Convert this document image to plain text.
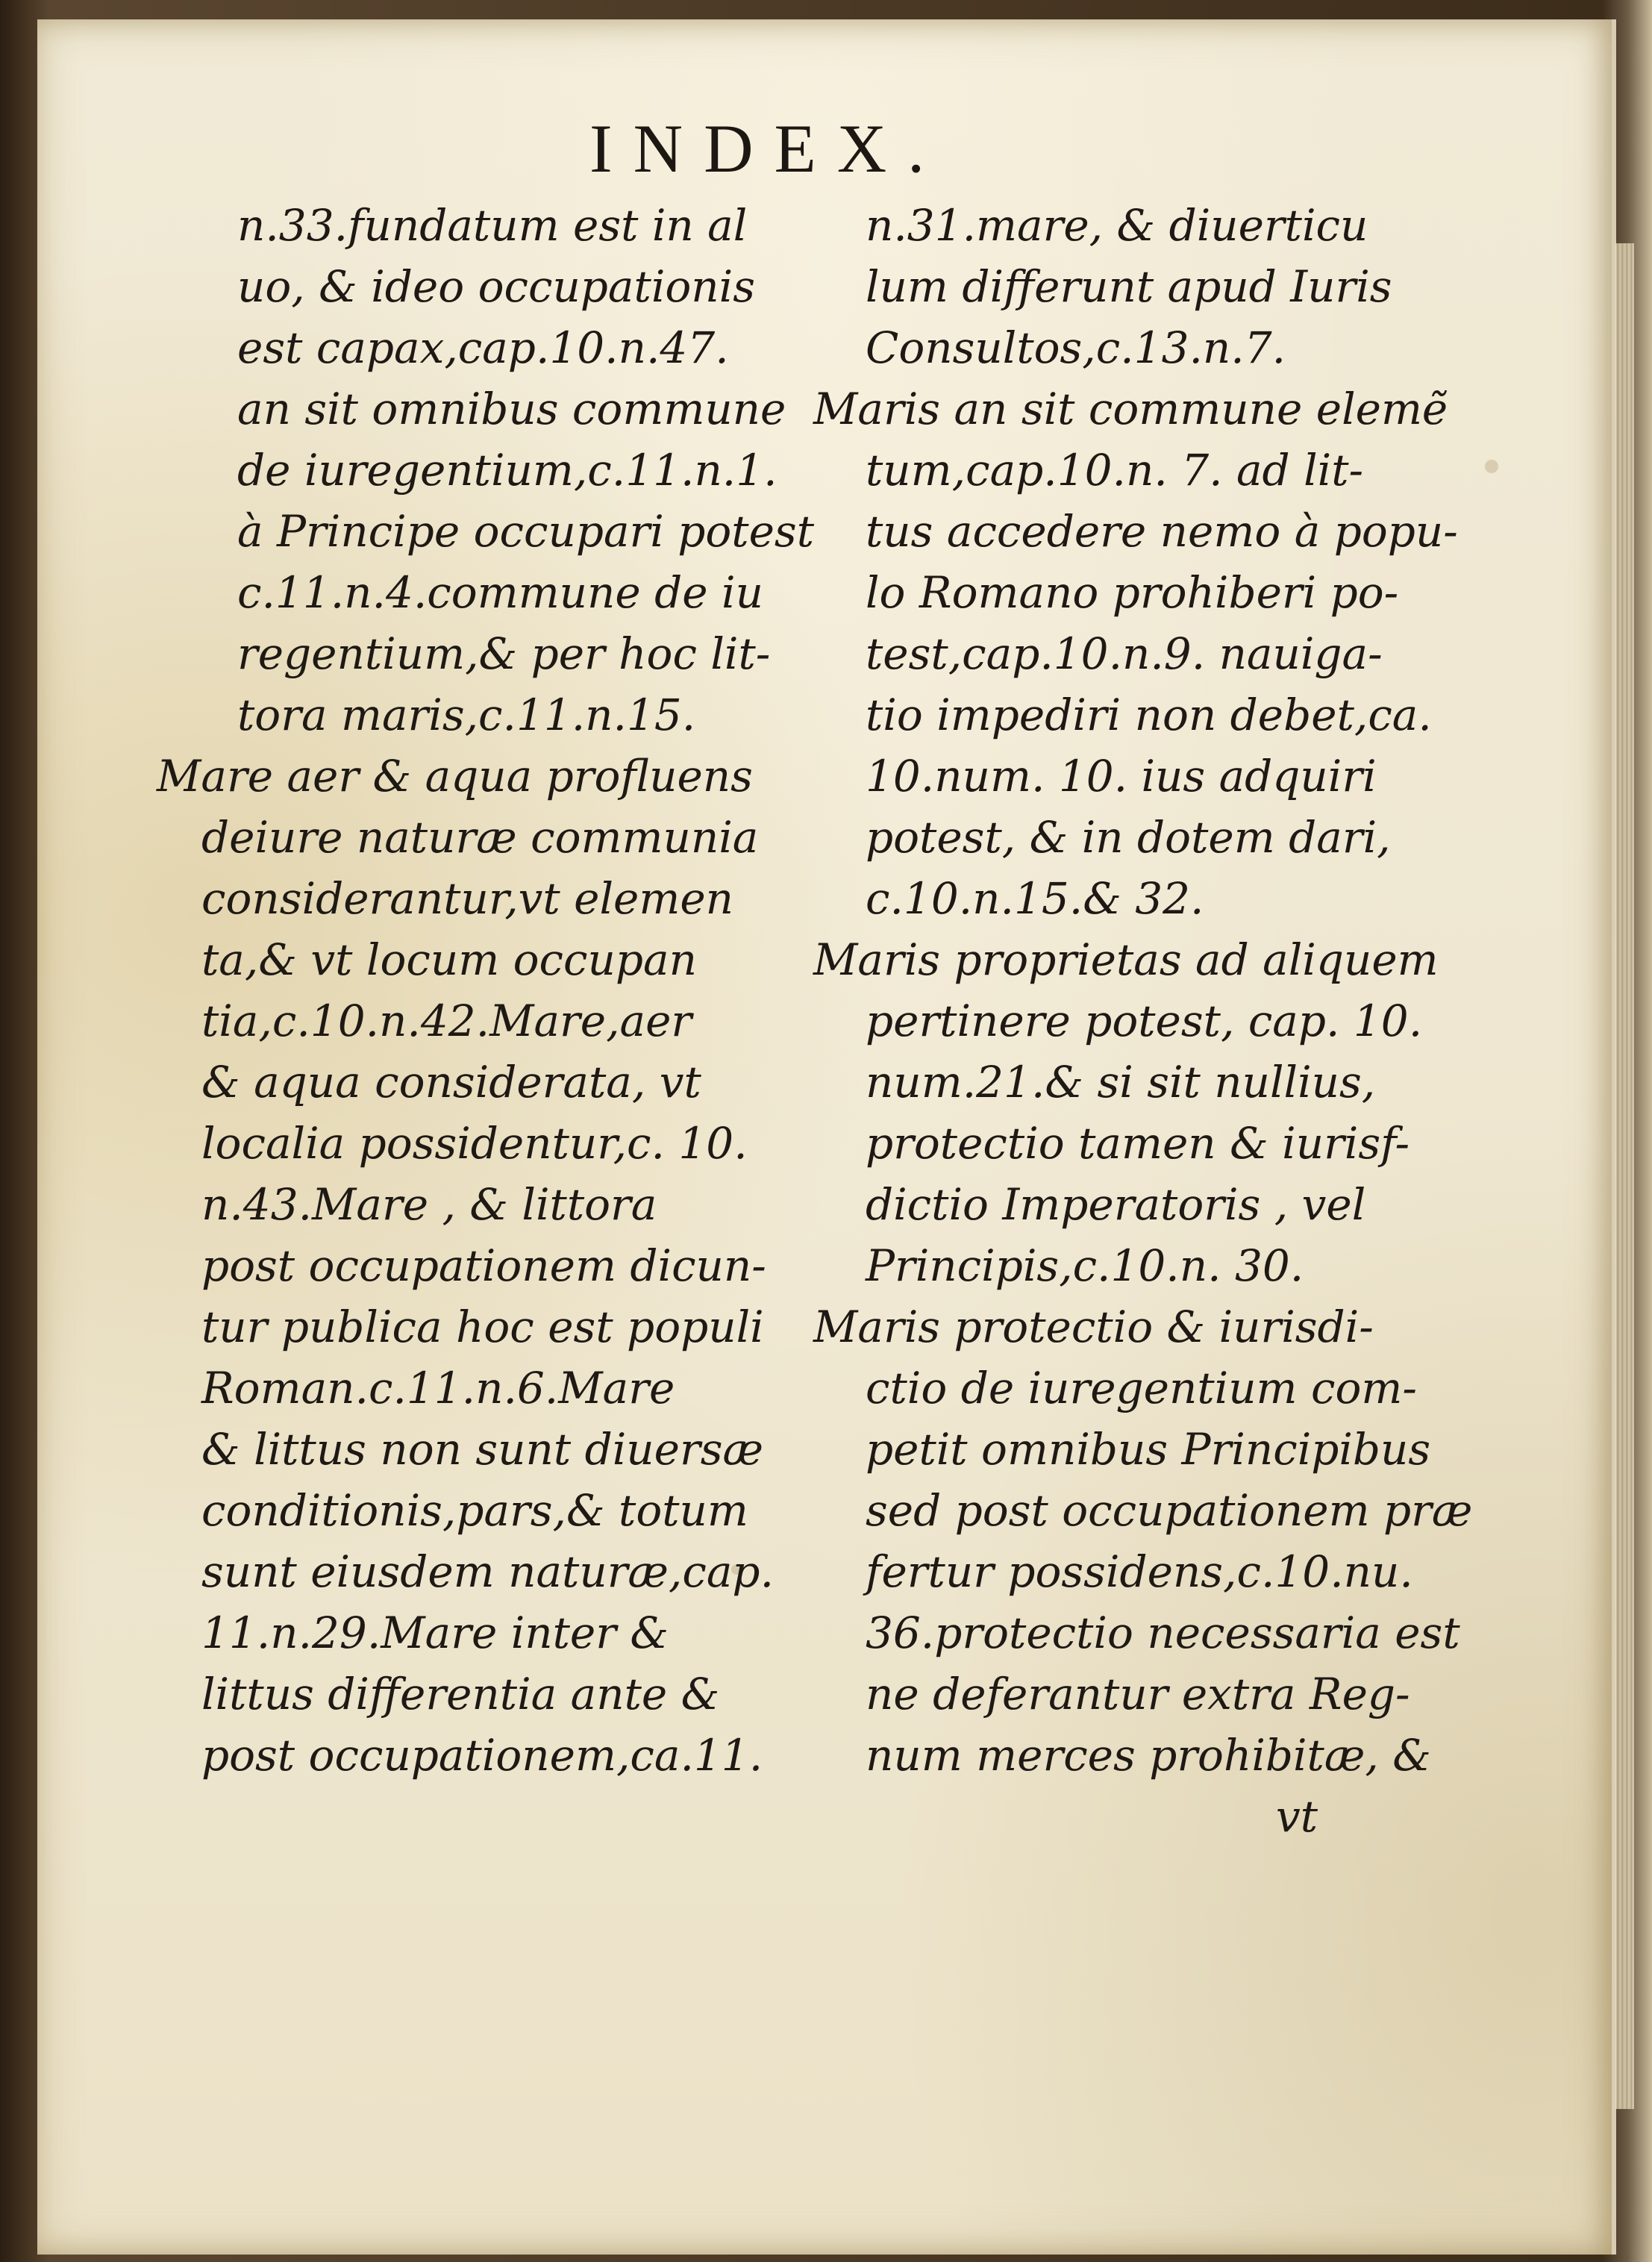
INDEX.
n.33.fundatum est in al
uo, & ideo occupationis
est capax,cap.10.n.47.
an sit omnibus commune
de iuregentium,c.11.n.1.
à Principe occupari potest
c.11.n.4.commune de iu
regentium,& per hoc lit-
tora maris,c.11.n.15.
Mare aer & aqua profluens
deiure naturæ communia
considerantur,vt elemen
ta,& vt locum occupan
tia,c.10.n.42.Mare,aer
& aqua considerata, vt
localia possidentur,c. 10.
n.43.Mare , & littora
post occupationem dicun-
tur publica hoc est populi
Roman.c.11.n.6.Mare
& littus non sunt diuersæ
conditionis,pars,& totum
sunt eiusdem naturæ,cap.
11.n.29.Mare inter &
littus differentia ante &
post occupationem,ca.11.
n.31.mare, & diuerticu
lum differunt apud Iuris
Consultos,c.13.n.7.
Maris an sit commune elemẽ
tum,cap.10.n. 7. ad lit-
tus accedere nemo à popu-
lo Romano prohiberi po-
test,cap.10.n.9. nauiga-
tio impediri non debet,ca.
10.num. 10. ius adquiri
potest, & in dotem dari,
c.10.n.15.& 32.
Maris proprietas ad aliquem
pertinere potest, cap. 10.
num.21.& si sit nullius,
protectio tamen & iurisf-
dictio Imperatoris , vel
Principis,c.10.n. 30.
Maris protectio & iurisdi-
ctio de iuregentium com-
petit omnibus Principibus
sed post occupationem præ
fertur possidens,c.10.nu.
36.protectio necessaria est
ne deferantur extra Reg-
num merces prohibitæ, &
vt
